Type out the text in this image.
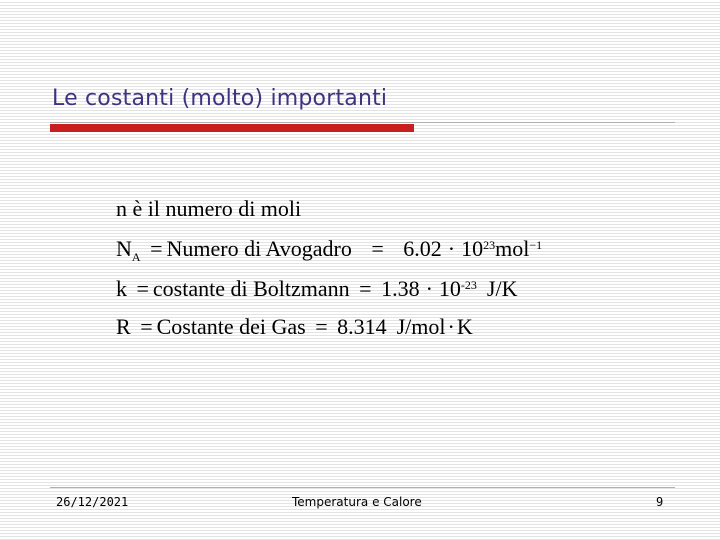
Le costanti (molto) importanti
n è il numero di moli
$N_A$ = Numero di Avogadro = $6.02 \cdot 10^{23}mol^{-1}$
k = costante di Boltzmann = $1.38 \cdot 10^{-23}$ J/K
R = Costante dei Gas = 8.314 J/mol·K
26/12/2021	Temperatura e Calore	9
